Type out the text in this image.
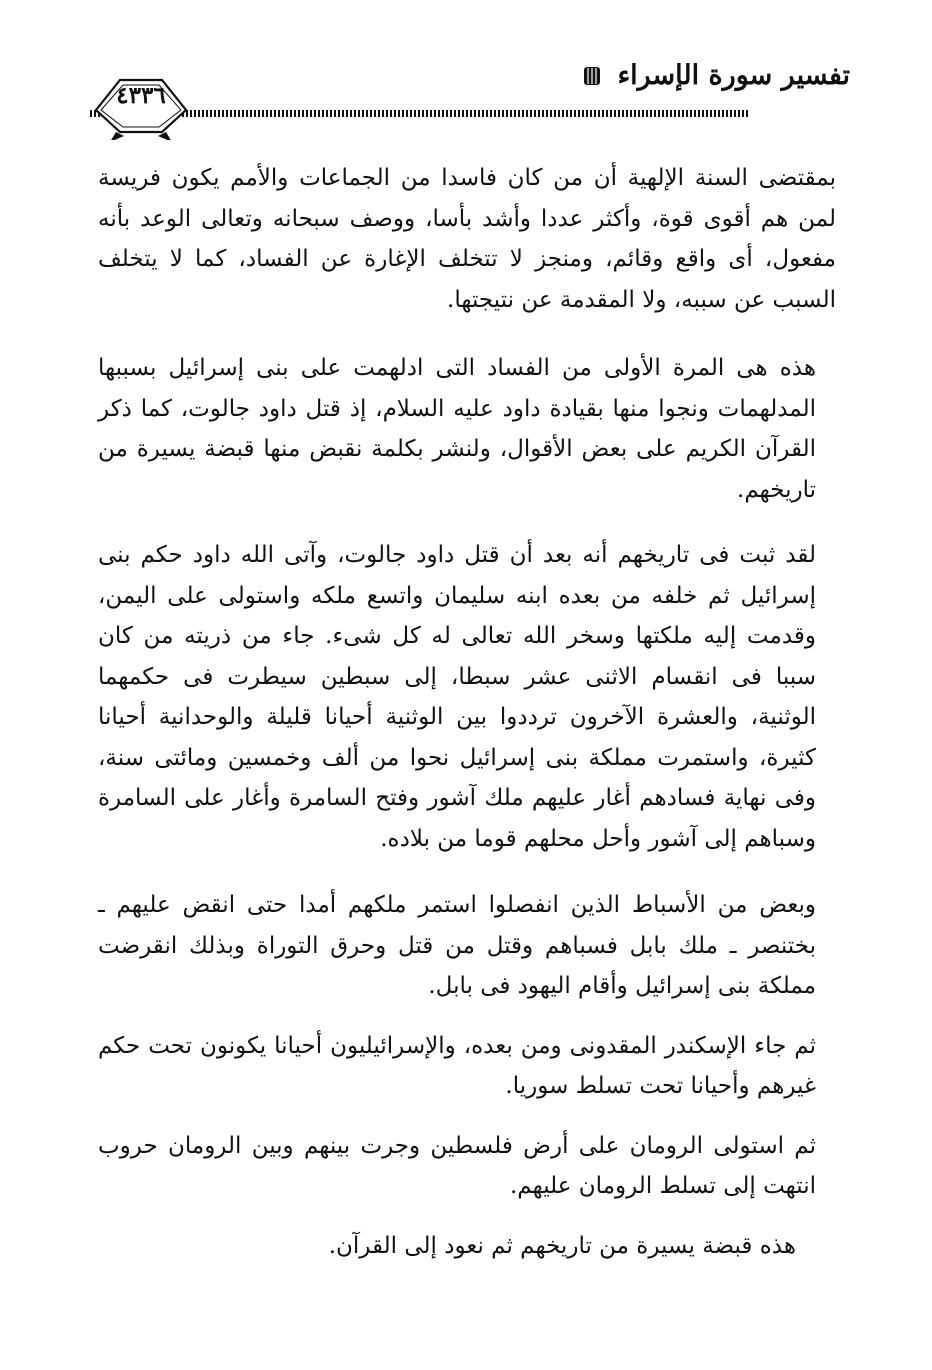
تفسير سورة الإسراء
٤٣٣٦

بمقتضى السنة الإلهية أن من كان فاسدا من الجماعات والأمم يكون فريسة لمن هم أقوى قوة، وأكثر عددا وأشد بأسا، ووصف سبحانه وتعالى الوعد بأنه مفعول، أى واقع وقائم، ومنجز لا تتخلف الإغارة عن الفساد، كما لا يتخلف السبب عن سببه، ولا المقدمة عن نتيجتها.

هذه هى المرة الأولى من الفساد التى ادلهمت على بنى إسرائيل بسببها المدلهمات ونجوا منها بقيادة داود عليه السلام، إذ قتل داود جالوت، كما ذكر القرآن الكريم على بعض الأقوال، ولنشر بكلمة نقبض منها قبضة يسيرة من تاريخهم.

لقد ثبت فى تاريخهم أنه بعد أن قتل داود جالوت، وآتى الله داود حكم بنى إسرائيل ثم خلفه من بعده ابنه سليمان واتسع ملكه واستولى على اليمن، وقدمت إليه ملكتها وسخر الله تعالى له كل شىء. جاء من ذريته من كان سببا فى انقسام الاثنى عشر سبطا، إلى سبطين سيطرت فى حكمهما الوثنية، والعشرة الآخرون ترددوا بين الوثنية أحيانا قليلة والوحدانية أحيانا كثيرة، واستمرت مملكة بنى إسرائيل نحوا من ألف وخمسين ومائتى سنة، وفى نهاية فسادهم أغار عليهم ملك آشور وفتح السامرة وأغار على السامرة وسباهم إلى آشور وأحل محلهم قوما من بلاده.

وبعض من الأسباط الذين انفصلوا استمر ملكهم أمدا حتى انقض عليهم ـ بختنصر ـ ملك بابل فسباهم وقتل من قتل وحرق التوراة وبذلك انقرضت مملكة بنى إسرائيل وأقام اليهود فى بابل.

ثم جاء الإسكندر المقدونى ومن بعده، والإسرائيليون أحيانا يكونون تحت حكم غيرهم وأحيانا تحت تسلط سوريا.

ثم استولى الرومان على أرض فلسطين وجرت بينهم وبين الرومان حروب انتهت إلى تسلط الرومان عليهم.

هذه قبضة يسيرة من تاريخهم ثم نعود إلى القرآن.
